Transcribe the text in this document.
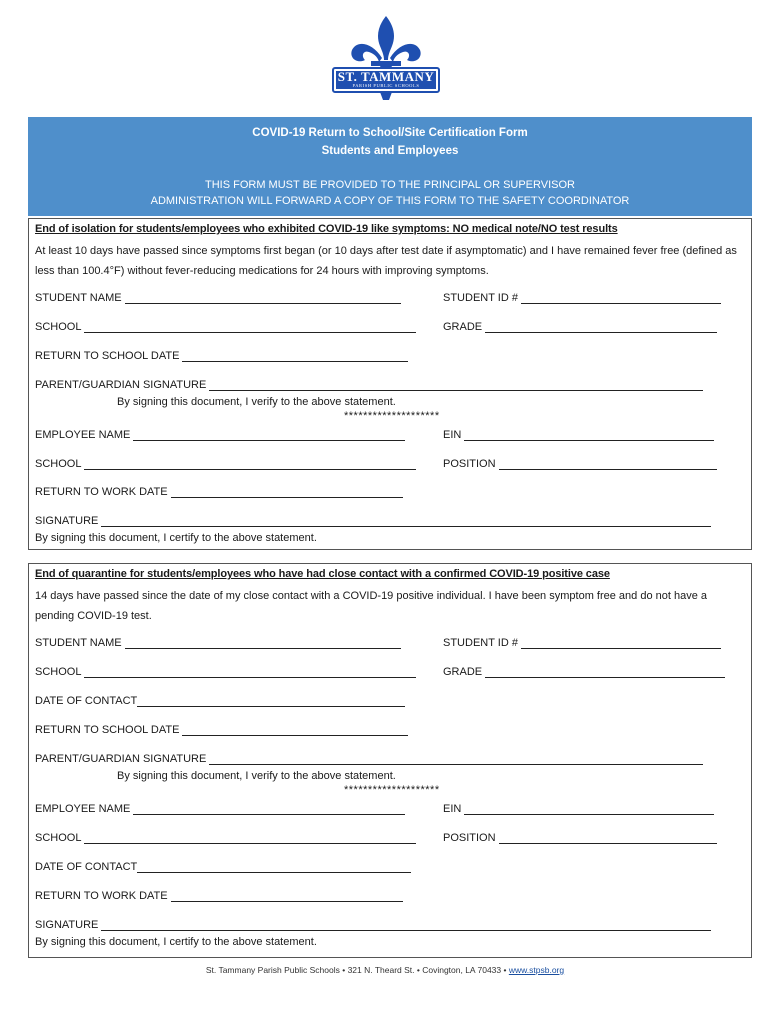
ST. TAMMANY
PARISH PUBLIC SCHOOLS
COVID-19 Return to School/Site Certification Form
Students and Employees
THIS FORM MUST BE PROVIDED TO THE PRINCIPAL OR SUPERVISOR
ADMINISTRATION WILL FORWARD A COPY OF THIS FORM TO THE SAFETY COORDINATOR
End of isolation for students/employees who exhibited COVID-19 like symptoms: NO medical note/NO test results
At least 10 days have passed since symptoms first began (or 10 days after test date if asymptomatic) and I have remained fever free (defined as less than 100.4°F) without fever-reducing medications for 24 hours with improving symptoms.
STUDENT NAME	STUDENT ID #
SCHOOL	GRADE
RETURN TO SCHOOL DATE
PARENT/GUARDIAN SIGNATURE
By signing this document, I verify to the above statement.
********************
EMPLOYEE NAME	EIN
SCHOOL	POSITION
RETURN TO WORK DATE
SIGNATURE
By signing this document, I certify to the above statement.
End of quarantine for students/employees who have had close contact with a confirmed COVID-19 positive case
14 days have passed since the date of my close contact with a COVID-19 positive individual. I have been symptom free and do not have a pending COVID-19 test.
STUDENT NAME	STUDENT ID #
SCHOOL	GRADE
DATE OF CONTACT
RETURN TO SCHOOL DATE
PARENT/GUARDIAN SIGNATURE
By signing this document, I verify to the above statement.
********************
EMPLOYEE NAME	EIN
SCHOOL	POSITION
DATE OF CONTACT
RETURN TO WORK DATE
SIGNATURE
By signing this document, I certify to the above statement.
St. Tammany Parish Public Schools • 321 N. Theard St. • Covington, LA 70433 • www.stpsb.org
